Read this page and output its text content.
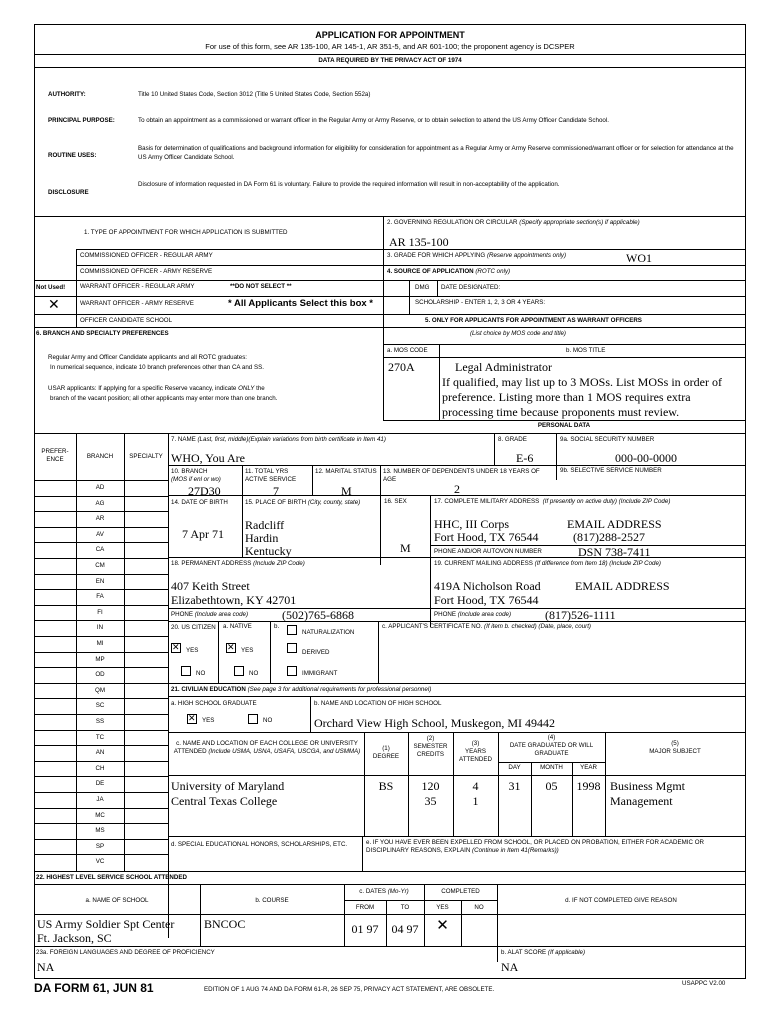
APPLICATION FOR APPOINTMENT
For use of this form, see AR 135-100, AR 145-1, AR 351-5, and AR 601-100; the proponent agency is DCSPER
DATA REQUIRED BY THE PRIVACY ACT OF 1974
AUTHORITY:	Title 10 United States Code, Section 3012 (Title 5 United States Code, Section 552a)
PRINCIPAL PURPOSE:	To obtain an appointment as a commissioned or warrant officer in the Regular Army or Army Reserve, or to obtain selection to attend the US Army Officer Candidate School.
ROUTINE USES:
Basis for determination of qualifications and background information for eligibility for consideration for appointment as a Regular Army or Army Reserve commissioned/warrant officer or for selection for attendance at the US Army Officer Candidate School.
DISCLOSURE
Disclosure of information requested in DA Form 61 is voluntary. Failure to provide the required information will result in non-acceptability of the application.
1. TYPE OF APPOINTMENT FOR WHICH APPLICATION IS SUBMITTED
COMMISSIONED OFFICER - REGULAR ARMY
COMMISSIONED OFFICER - ARMY RESERVE
Not Used! WARRANT OFFICER - REGULAR ARMY	**DO NOT SELECT **
✕	WARRANT OFFICER - ARMY RESERVE	* All Applicants Select this box *
OFFICER CANDIDATE SCHOOL
2. GOVERNING REGULATION OR CIRCULAR (Specify appropriate section(s) if applicable)
AR 135-100
3. GRADE FOR WHICH APPLYING (Reserve appointments only)	WO1
4. SOURCE OF APPLICATION (ROTC only)
DMG DATE DESIGNATED:
SCHOLARSHIP - ENTER 1, 2, 3 OR 4 YEARS:
5. ONLY FOR APPLICANTS FOR APPOINTMENT AS WARRANT OFFICERS
6. BRANCH AND SPECIALTY PREFERENCES	(List choice by MOS code and title)
a. MOS CODE	b. MOS TITLE
270A	Legal Administrator
If qualified, may list up to 3 MOSs. List MOSs in order of preference. Listing more than 1 MOS requires extra processing time because proponents must review.
Regular Army and Officer Candidate applicants and all ROTC graduates:
In numerical sequence, indicate 10 branch preferences other than CA and SS.
USAR applicants: If applying for a specific Reserve vacancy, indicate ONLY the
branch of the vacant position; all other applicants may enter more than one branch.
PERSONAL DATA
PREFER-ENCE	BRANCH	SPECIALTY
AD
AG
AR
AV
CA
CM
EN
FA
FI
IN
MI
MP
OD
QM
SC
SS
TC
AN
CH
DE
JA
MC
MS
SP
VC
7. NAME (Last, first, middle)(Explain variations from birth certificate in Item 41)
WHO, You Are
8. GRADE
E-6
9a. SOCIAL SECURITY NUMBER
000-00-0000
10. BRANCH
(MOS if enl or wo)
27D30
11. TOTAL YRS ACTIVE SERVICE
7
12. MARITAL STATUS
M
13. NUMBER OF DEPENDENTS UNDER 18 YEARS OF AGE
2
9b. SELECTIVE SERVICE NUMBER
14. DATE OF BIRTH
7 Apr 71
15. PLACE OF BIRTH (City, county, state)
Radcliff
Hardin
Kentucky
16. SEX
M
17. COMPLETE MILITARY ADDRESS (If presently on active duty) (Include ZIP Code)
HHC, III Corps
Fort Hood, TX 76544
EMAIL ADDRESS
(817)288-2527
PHONE AND/OR AUTOVON NUMBER	DSN 738-7411
18. PERMANENT ADDRESS (Include ZIP Code)	19. CURRENT MAILING ADDRESS (If difference from Item 18) (Include ZIP Code)
407 Keith Street
Elizabethtown, KY 42701
419A Nicholson Road
Fort Hood, TX 76544
EMAIL ADDRESS
PHONE (Include area code)	(502)765-6868	PHONE (Include area code)	(817)526-1111
20. US CITIZEN a. NATIVE	b.
NATURALIZATION
✕
YES
✕	YES	DERIVED
NO	NO	IMMIGRANT
c. APPLICANT'S CERTIFICATE NO. (If item b. checked) (Date, place, court)
21. CIVILIAN EDUCATION (See page 3 for additional requirements for professional personnel)
a. HIGH SCHOOL GRADUATE
✕
YES	NO
b. NAME AND LOCATION OF HIGH SCHOOL
Orchard View High School, Muskegon, MI 49442
c. NAME AND LOCATION OF EACH COLLEGE OR UNIVERSITY ATTENDED (Include USMA, USNA, USAFA, USCGA, and USMMA)	(1)
DEGREE
(2)
SEMESTER CREDITS
(3)
YEARS ATTENDED
(4)
DATE GRADUATED OR WILL GRADUATE
DAY	MONTH	YEAR
(5)
MAJOR SUBJECT
University of Maryland	BS	120	4	31	05	1998 Business Mgmt
Central Texas College	35	1	Management
d. SPECIAL EDUCATIONAL HONORS, SCHOLARSHIPS, ETC.	e. IF YOU HAVE EVER BEEN EXPELLED FROM SCHOOL, OR PLACED ON PROBATION, EITHER FOR ACADEMIC OR DISCIPLINARY REASONS, EXPLAIN (Continue in Item 41(Remarks))
22. HIGHEST LEVEL SERVICE SCHOOL ATTENDED
a. NAME OF SCHOOL	b. COURSE
c. DATES (Mo-Yr)	COMPLETED
FROM	TO	YES	NO
d. IF NOT COMPLETED GIVE REASON
US Army Soldier Spt Center
Ft. Jackson, SC
BNCOC	01 97	04 97	✕
23a. FOREIGN LANGUAGES AND DEGREE OF PROFICIENCY
NA
b. ALAT SCORE (If applicable)
NA
DA FORM 61, JUN 81	EDITION OF 1 AUG 74 AND DA FORM 61-R, 26 SEP 75, PRIVACY ACT STATEMENT, ARE OBSOLETE.
USAPPC V2.00
